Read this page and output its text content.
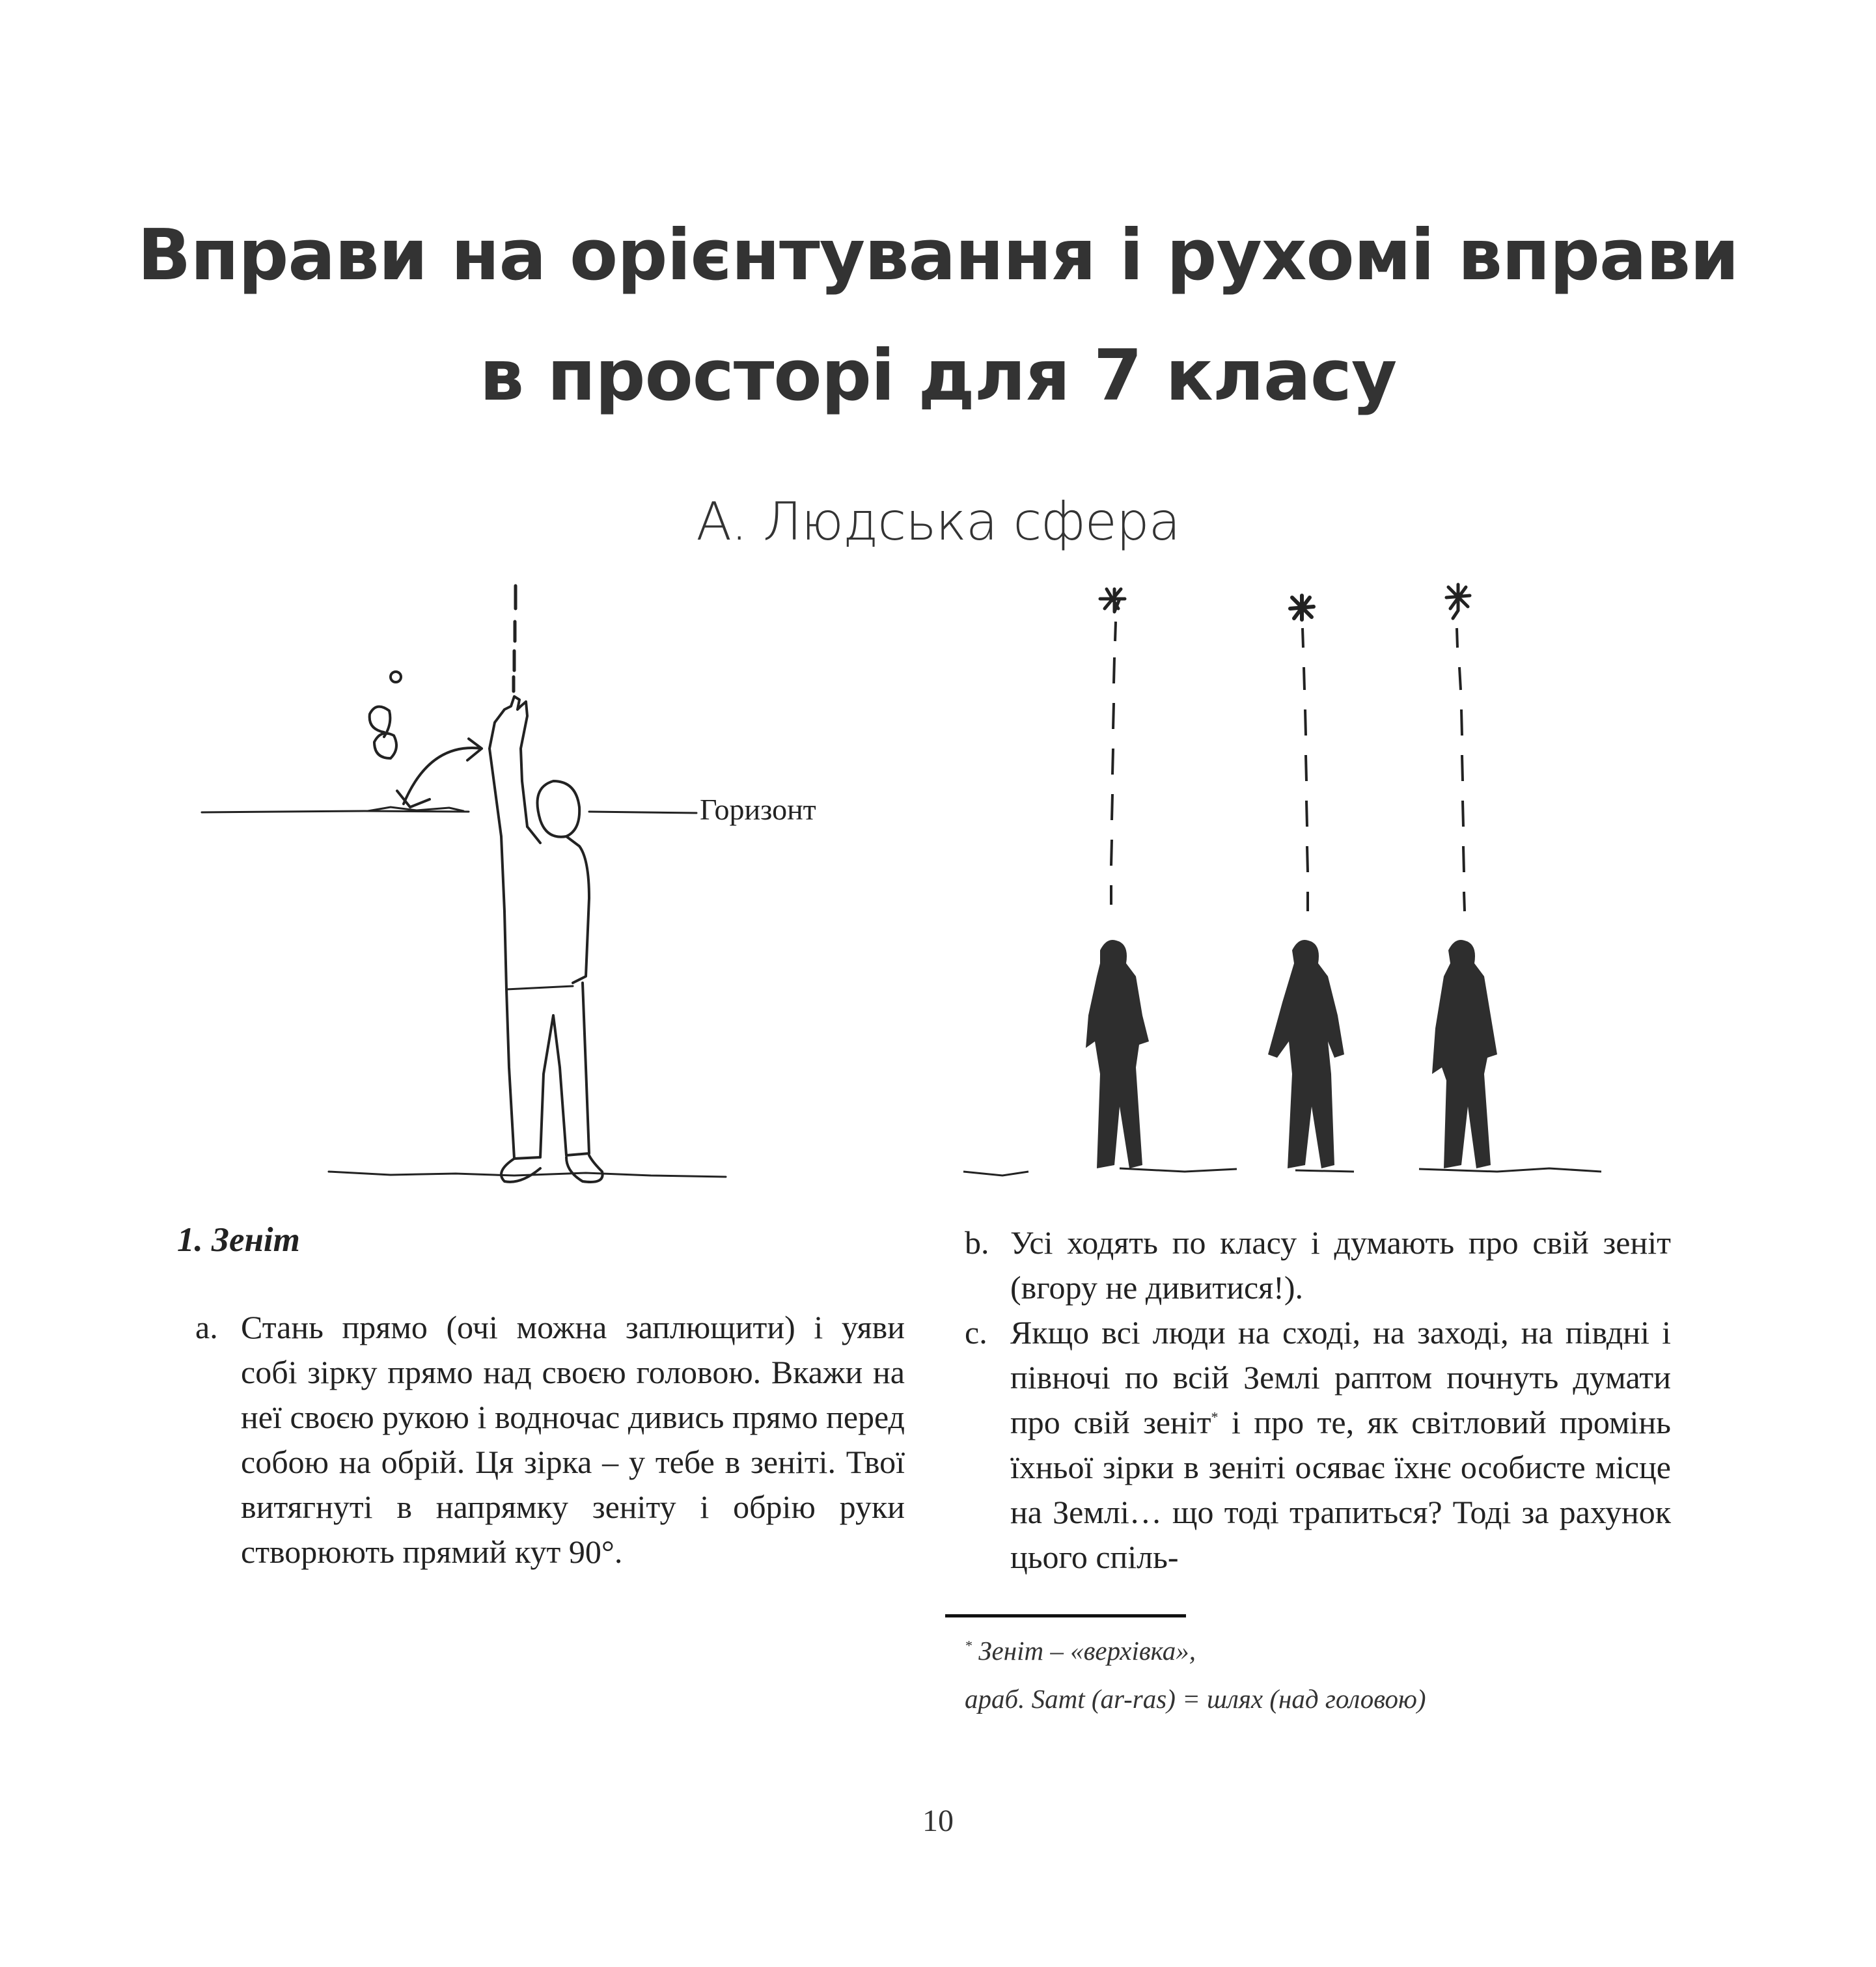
Вправи на орієнтування і рухомі вправи
в просторі для 7 класу
А. Людська сфера
Горизонт
1. Зеніт
a. Стань прямо (очі можна заплющити) і уяви собі зірку прямо над своєю головою. Вкажи на неї своєю рукою і водночас дивись прямо перед собою на обрій. Ця зірка – у тебе в зеніті. Твої витягнуті в напрямку зеніту і обрію руки створюють прямий кут 90°.
b. Усі ходять по класу і думають про свій зеніт (вгору не дивитися!).
c. Якщо всі люди на сході, на заході, на півдні і півночі по всій Землі раптом почнуть думати про свій зеніт* і про те, як світловий промінь їхньої зірки в зеніті осяває їхнє особисте місце на Землі… що тоді трапиться? Тоді за рахунок цього спіль-
* Зеніт – «верхівка»,
араб. Samt (ar-ras) = шлях (над головою)
10
